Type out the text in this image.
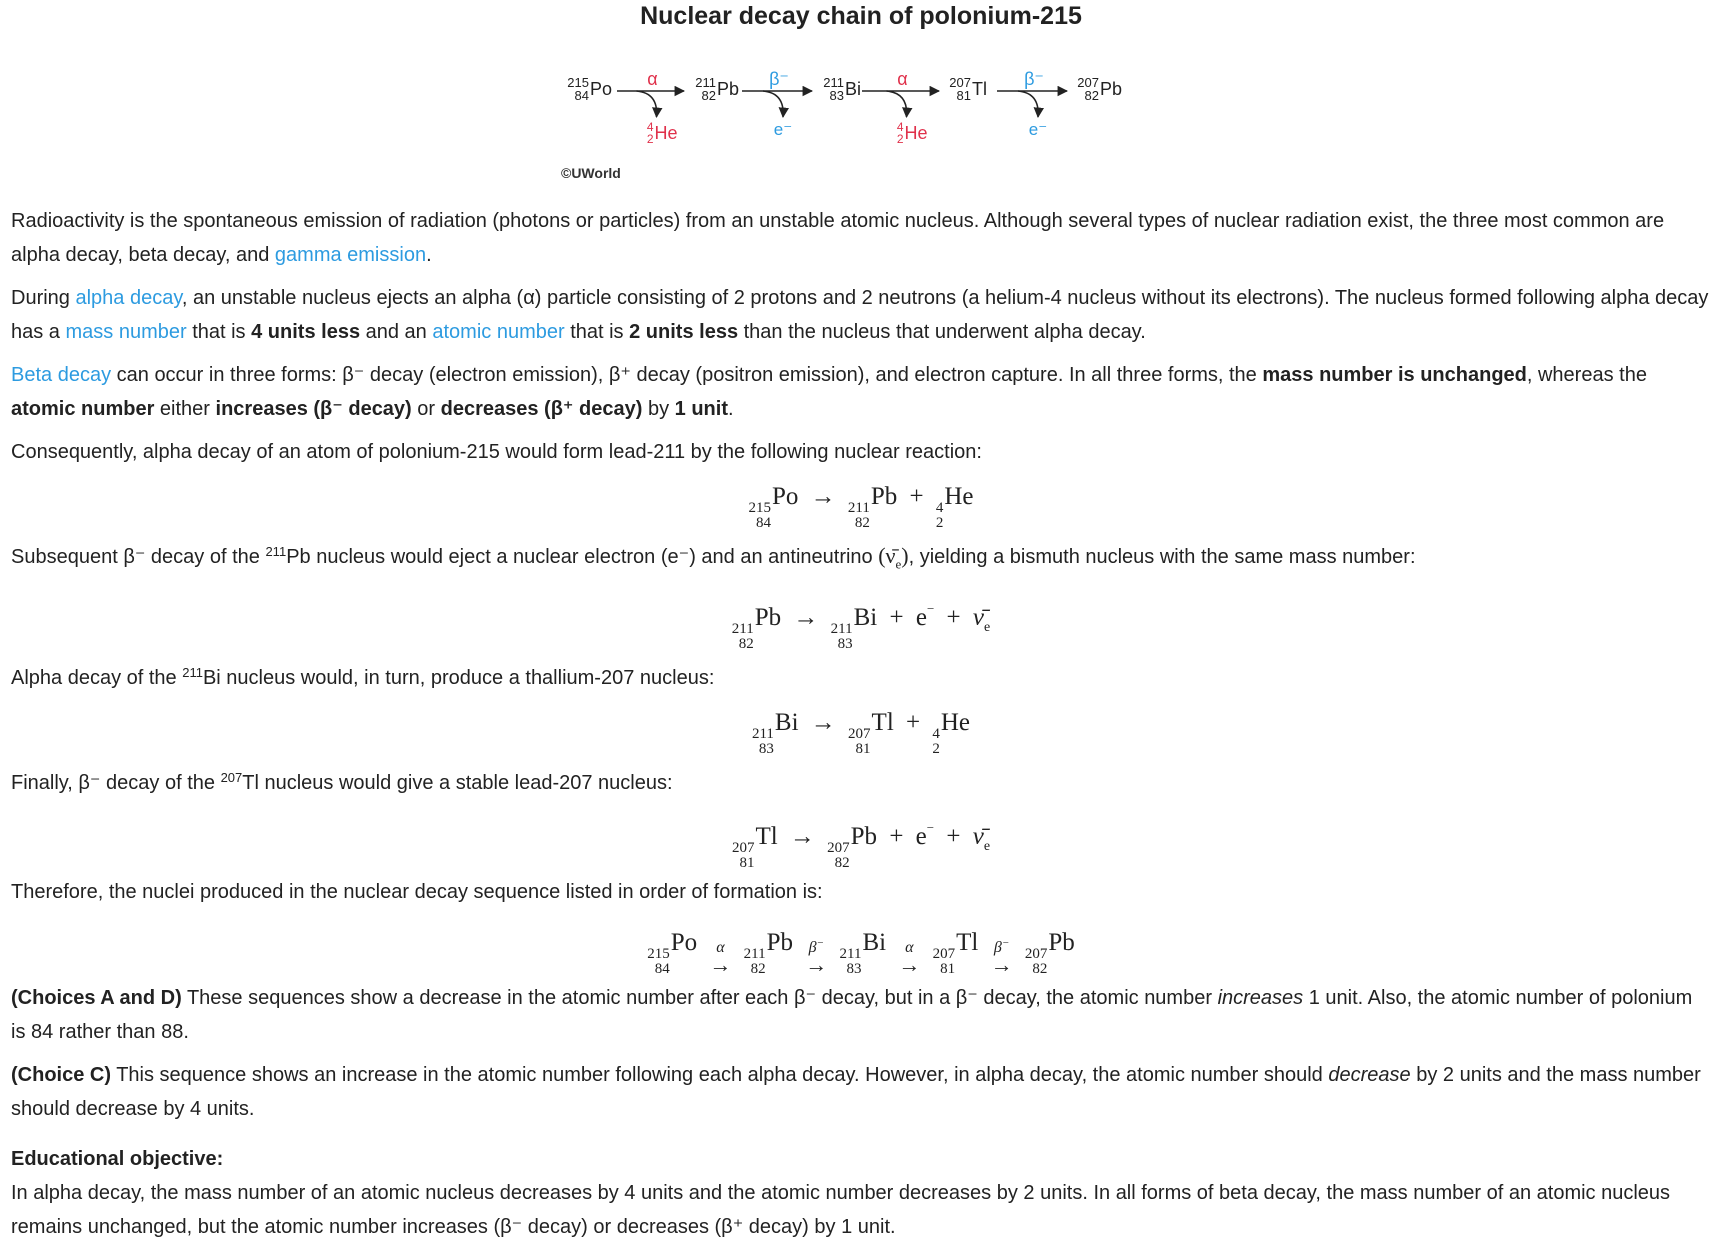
Nuclear decay chain of polonium-215
215
84 Po	211
82 Pb	211
83 Bi	207
81 Tl	207
82 Pb
α
4
2 He
β⁻
e⁻
α
4
2 He
β⁻
e⁻
©UWorld

Radioactivity is the spontaneous emission of radiation (photons or particles) from an unstable atomic nucleus. Although several types of nuclear radiation exist, the three most common are alpha decay, beta decay, and gamma emission.

During alpha decay, an unstable nucleus ejects an alpha (α) particle consisting of 2 protons and 2 neutrons (a helium-4 nucleus without its electrons). The nucleus formed following alpha decay has a mass number that is 4 units less and an atomic number that is 2 units less than the nucleus that underwent alpha decay.

Beta decay can occur in three forms: β⁻ decay (electron emission), β⁺ decay (positron emission), and electron capture. In all three forms, the mass number is unchanged, whereas the atomic number either increases (β⁻ decay) or decreases (β⁺ decay) by 1 unit.

Consequently, alpha decay of an atom of polonium-215 would form lead-211 by the following nuclear reaction:

215
84
Po → 211
82
Pb + 4
2
He

Subsequent β⁻ decay of the $^{211}$Pb nucleus would eject a nuclear electron (e⁻) and an antineutrino $(\nū_e)$, yielding a bismuth nucleus with the same mass number:

211
82
Pb → 211
83
$Bi + e^- + \nū_e$

Alpha decay of the $^{211}$Bi nucleus would, in turn, produce a thallium-207 nucleus:

211
83
Bi → 207
81
Tl + 4
2
He

Finally, β⁻ decay of the $^{207}$Tl nucleus would give a stable lead-207 nucleus:

207
81
Tl → 207
82
$Pb + e^- + \nū_e$

Therefore, the nuclei produced in the nuclear decay sequence listed in order of formation is:

215
84
Po α
→
211
82
Pb β−
→
211
83
Bi α
→
207
81
Tl β−
→
207
82
Pb

(Choices A and D) These sequences show a decrease in the atomic number after each β⁻ decay, but in a β⁻ decay, the atomic number increases 1 unit. Also, the atomic number of polonium is 84 rather than 88.

(Choice C) This sequence shows an increase in the atomic number following each alpha decay. However, in alpha decay, the atomic number should decrease by 2 units and the mass number should decrease by 4 units.

Educational objective:

In alpha decay, the mass number of an atomic nucleus decreases by 4 units and the atomic number decreases by 2 units. In all forms of beta decay, the mass number of an atomic nucleus remains unchanged, but the atomic number increases (β⁻ decay) or decreases (β⁺ decay) by 1 unit.
